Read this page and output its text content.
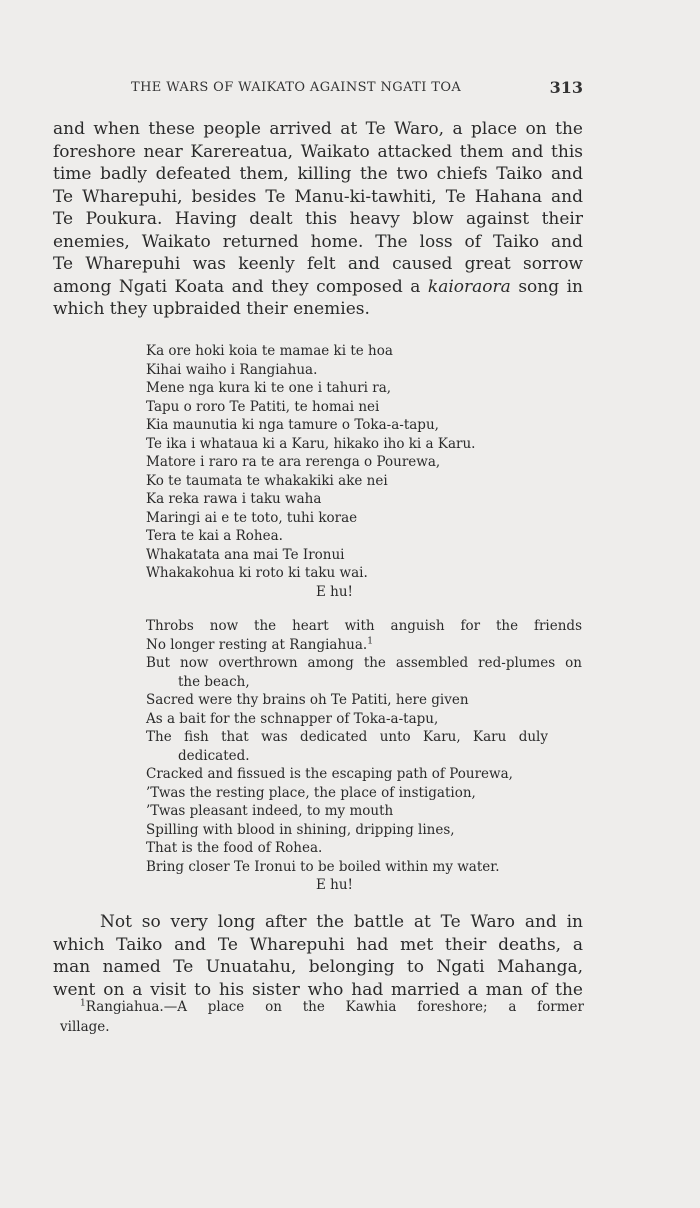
THE WARS OF WAIKATO AGAINST NGATI TOA	313
and when these people arrived at Te Waro, a place on the
foreshore near Karereatua, Waikato attacked them and this
time badly defeated them, killing the two chiefs Taiko and
Te Wharepuhi, besides Te Manu-ki-tawhiti, Te Hahana and
Te Poukura. Having dealt this heavy blow against their
enemies, Waikato returned home. The loss of Taiko and
Te Wharepuhi was keenly felt and caused great sorrow
among Ngati Koata and they composed a kaioraora song in
which they upbraided their enemies.
Ka ore hoki koia te mamae ki te hoa
Kihai waiho i Rangiahua.
Mene nga kura ki te one i tahuri ra,
Tapu o roro Te Patiti, te homai nei
Kia maunutia ki nga tamure o Toka-a-tapu,
Te ika i whataua ki a Karu, hikako iho ki a Karu.
Matore i raro ra te ara rerenga o Pourewa,
Ko te taumata te whakakiki ake nei
Ka reka rawa i taku waha
Maringi ai e te toto, tuhi korae
Tera te kai a Rohea.
Whakatata ana mai Te Ironui
Whakakohua ki roto ki taku wai.
E hu!
Throbs now the heart with anguish for the friends
No longer resting at Rangiahua.$^1$
But now overthrown among the assembled red-plumes on
the beach,
Sacred were thy brains oh Te Patiti, here given
As a bait for the schnapper of Toka-a-tapu,
The fish that was dedicated unto Karu, Karu duly
dedicated.
Cracked and fissued is the escaping path of Pourewa,
’Twas the resting place, the place of instigation,
’Twas pleasant indeed, to my mouth
Spilling with blood in shining, dripping lines,
That is the food of Rohea.
Bring closer Te Ironui to be boiled within my water.
E hu!
Not so very long after the battle at Te Waro and in
which Taiko and Te Wharepuhi had met their deaths, a
man named Te Unuatahu, belonging to Ngati Mahanga,
went on a visit to his sister who had married a man of the
$^1$Rangiahua.—A place on the Kawhia foreshore; a former
village.
